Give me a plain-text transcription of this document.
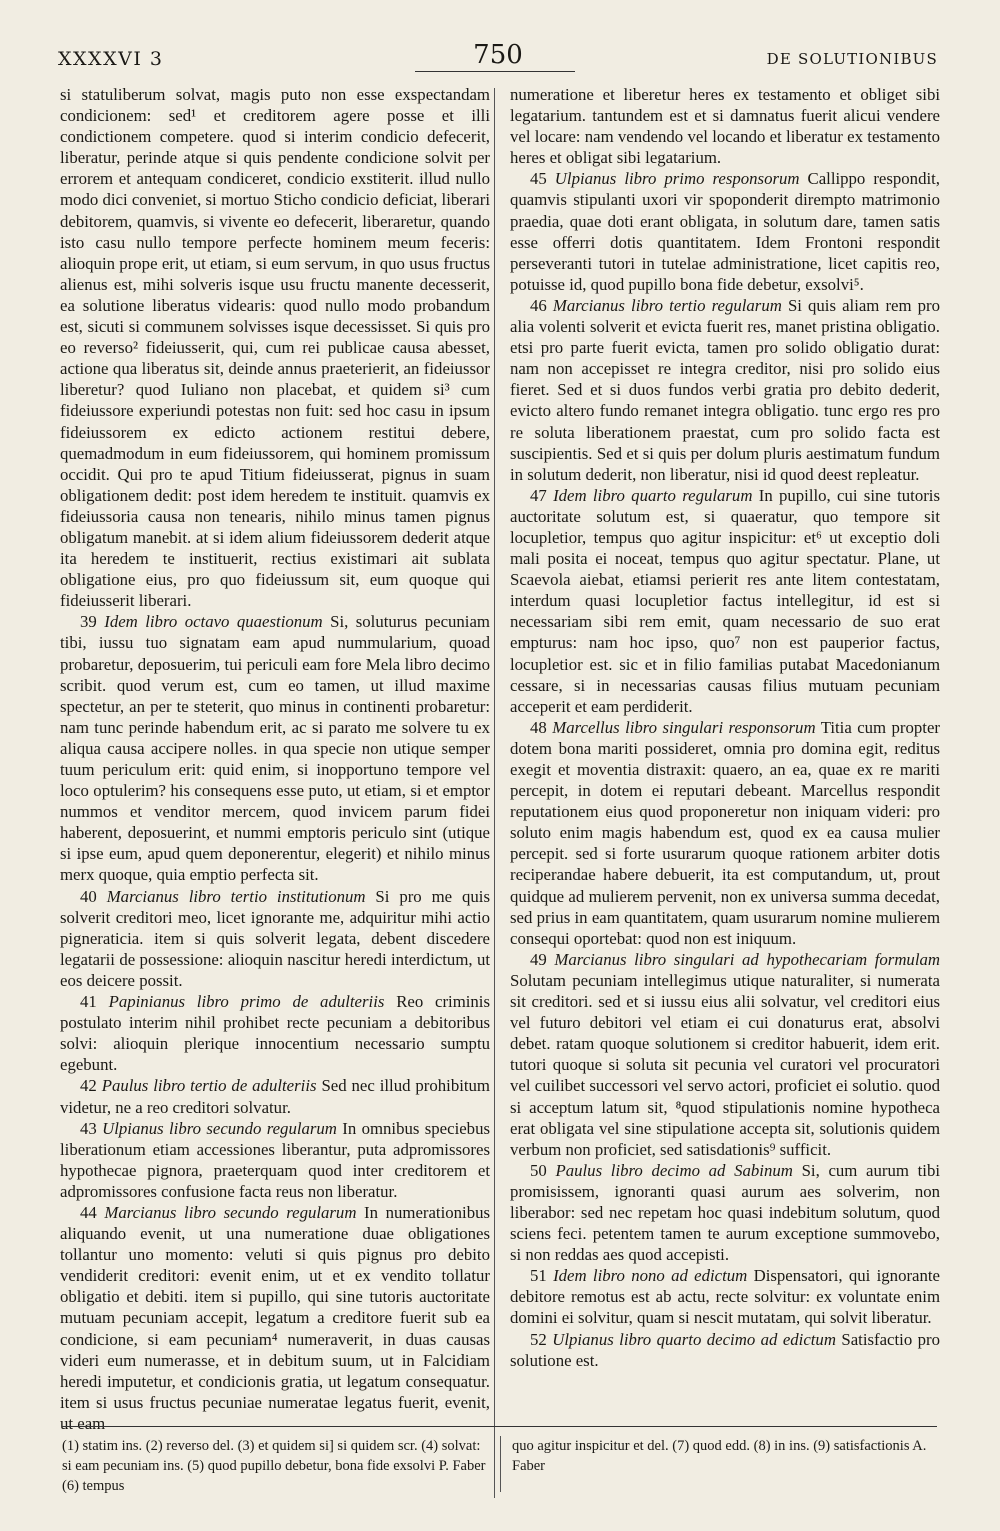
XXXXVI 3	750	DE SOLUTIONIBUS

si statuliberum solvat, magis puto non esse exspectandam condicionem: sed¹ et creditorem agere posse et illi condictionem competere. quod si interim condicio defecerit, liberatur, perinde atque si quis pendente condicione solvit per errorem et antequam condiceret, condicio exstiterit. illud nullo modo dici conveniet, si mortuo Sticho condicio deficiat, liberari debitorem, quamvis, si vivente eo defecerit, liberaretur, quando isto casu nullo tempore perfecte hominem meum feceris: alioquin prope erit, ut etiam, si eum servum, in quo usus fructus alienus est, mihi solveris isque usu fructu manente decesserit, ea solutione liberatus videaris: quod nullo modo probandum est, sicuti si communem solvisses isque decessisset. Si quis pro eo reverso² fideiusserit, qui, cum rei publicae causa abesset, actione qua liberatus sit, deinde annus praeterierit, an fideiussor liberetur? quod Iuliano non placebat, et quidem si³ cum fideiussore experiundi potestas non fuit: sed hoc casu in ipsum fideiussorem ex edicto actionem restitui debere, quemadmodum in eum fideiussorem, qui hominem promissum occidit. Qui pro te apud Titium fideiusserat, pignus in suam obligationem dedit: post idem heredem te instituit. quamvis ex fideiussoria causa non tenearis, nihilo minus tamen pignus obligatum manebit. at si idem alium fideiussorem dederit atque ita heredem te instituerit, rectius existimari ait sublata obligatione eius, pro quo fideiussum sit, eum quoque qui fideiusserit liberari.

39 Idem libro octavo quaestionum Si, soluturus pecuniam tibi, iussu tuo signatam eam apud nummularium, quoad probaretur, deposuerim, tui periculi eam fore Mela libro decimo scribit. quod verum est, cum eo tamen, ut illud maxime spectetur, an per te steterit, quo minus in continenti probaretur: nam tunc perinde habendum erit, ac si parato me solvere tu ex aliqua causa accipere nolles. in qua specie non utique semper tuum periculum erit: quid enim, si inopportuno tempore vel loco optulerim? his consequens esse puto, ut etiam, si et emptor nummos et venditor mercem, quod invicem parum fidei haberent, deposuerint, et nummi emptoris periculo sint (utique si ipse eum, apud quem deponerentur, elegerit) et nihilo minus merx quoque, quia emptio perfecta sit.

40 Marcianus libro tertio institutionum Si pro me quis solverit creditori meo, licet ignorante me, adquiritur mihi actio pigneraticia. item si quis solverit legata, debent discedere legatarii de possessione: alioquin nascitur heredi interdictum, ut eos deicere possit.

41 Papinianus libro primo de adulteriis Reo criminis postulato interim nihil prohibet recte pecuniam a debitoribus solvi: alioquin plerique innocentium necessario sumptu egebunt.

42 Paulus libro tertio de adulteriis Sed nec illud prohibitum videtur, ne a reo creditori solvatur.

43 Ulpianus libro secundo regularum In omnibus speciebus liberationum etiam accessiones liberantur, puta adpromissores hypothecae pignora, praeterquam quod inter creditorem et adpromissores confusione facta reus non liberatur.

44 Marcianus libro secundo regularum In numerationibus aliquando evenit, ut una numeratione duae obligationes tollantur uno momento: veluti si quis pignus pro debito vendiderit creditori: evenit enim, ut et ex vendito tollatur obligatio et debiti. item si pupillo, qui sine tutoris auctoritate mutuam pecuniam accepit, legatum a creditore fuerit sub ea condicione, si eam pecuniam⁴ numeraverit, in duas causas videri eum numerasse, et in debitum suum, ut in Falcidiam heredi imputetur, et condicionis gratia, ut legatum consequatur. item si usus fructus pecuniae numeratae legatus fuerit, evenit, ut eam

numeratione et liberetur heres ex testamento et obliget sibi legatarium. tantundem est et si damnatus fuerit alicui vendere vel locare: nam vendendo vel locando et liberatur ex testamento heres et obligat sibi legatarium.

45 Ulpianus libro primo responsorum Callippo respondit, quamvis stipulanti uxori vir spoponderit dirempto matrimonio praedia, quae doti erant obligata, in solutum dare, tamen satis esse offerri dotis quantitatem. Idem Frontoni respondit perseveranti tutori in tutelae administratione, licet capitis reo, potuisse id, quod pupillo bona fide debetur, exsolvi⁵.

46 Marcianus libro tertio regularum Si quis aliam rem pro alia volenti solverit et evicta fuerit res, manet pristina obligatio. etsi pro parte fuerit evicta, tamen pro solido obligatio durat: nam non accepisset re integra creditor, nisi pro solido eius fieret. Sed et si duos fundos verbi gratia pro debito dederit, evicto altero fundo remanet integra obligatio. tunc ergo res pro re soluta liberationem praestat, cum pro solido facta est suscipientis. Sed et si quis per dolum pluris aestimatum fundum in solutum dederit, non liberatur, nisi id quod deest repleatur.

47 Idem libro quarto regularum In pupillo, cui sine tutoris auctoritate solutum est, si quaeratur, quo tempore sit locupletior, tempus quo agitur inspicitur: et⁶ ut exceptio doli mali posita ei noceat, tempus quo agitur spectatur. Plane, ut Scaevola aiebat, etiamsi perierit res ante litem contestatam, interdum quasi locupletior factus intellegitur, id est si necessariam sibi rem emit, quam necessario de suo erat empturus: nam hoc ipso, quo⁷ non est pauperior factus, locupletior est. sic et in filio familias putabat Macedonianum cessare, si in necessarias causas filius mutuam pecuniam acceperit et eam perdiderit.

48 Marcellus libro singulari responsorum Titia cum propter dotem bona mariti possideret, omnia pro domina egit, reditus exegit et moventia distraxit: quaero, an ea, quae ex re mariti percepit, in dotem ei reputari debeant. Marcellus respondit reputationem eius quod proponeretur non iniquam videri: pro soluto enim magis habendum est, quod ex ea causa mulier percepit. sed si forte usurarum quoque rationem arbiter dotis reciperandae habere debuerit, ita est computandum, ut, prout quidque ad mulierem pervenit, non ex universa summa decedat, sed prius in eam quantitatem, quam usurarum nomine mulierem consequi oportebat: quod non est iniquum.

49 Marcianus libro singulari ad hypothecariam formulam Solutam pecuniam intellegimus utique naturaliter, si numerata sit creditori. sed et si iussu eius alii solvatur, vel creditori eius vel futuro debitori vel etiam ei cui donaturus erat, absolvi debet. ratam quoque solutionem si creditor habuerit, idem erit. tutori quoque si soluta sit pecunia vel curatori vel procuratori vel cuilibet successori vel servo actori, proficiet ei solutio. quod si acceptum latum sit, ⁸quod stipulationis nomine hypotheca erat obligata vel sine stipulatione accepta sit, solutionis quidem verbum non proficiet, sed satisdationis⁹ sufficit.

50 Paulus libro decimo ad Sabinum Si, cum aurum tibi promisissem, ignoranti quasi aurum aes solverim, non liberabor: sed nec repetam hoc quasi indebitum solutum, quod sciens feci. petentem tamen te aurum exceptione summovebo, si non reddas aes quod accepisti.

51 Idem libro nono ad edictum Dispensatori, qui ignorante debitore remotus est ab actu, recte solvitur: ex voluntate enim domini ei solvitur, quam si nescit mutatam, qui solvit liberatur.

52 Ulpianus libro quarto decimo ad edictum Satisfactio pro solutione est.

(1) statim ins. (2) reverso del. (3) et quidem si] si quidem scr. (4) solvat: si eam pecuniam ins. (5) quod pupillo debetur, bona fide exsolvi P. Faber (6) tempus

quo agitur inspicitur et del. (7) quod edd. (8) in ins. (9) satisfactionis A. Faber
